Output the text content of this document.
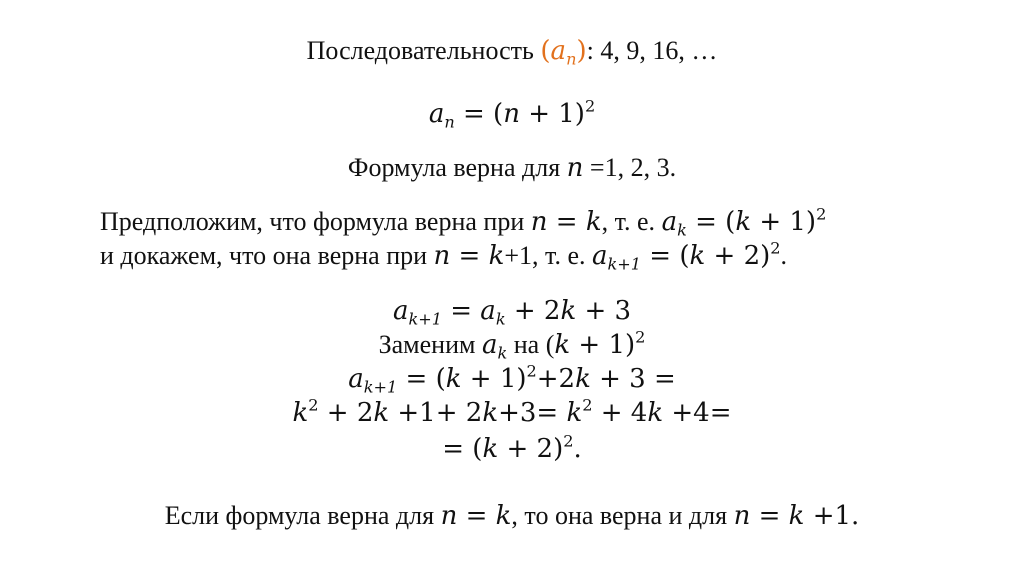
Последовательность $(a_n)$: 4, 9, 16, …
$a_n = (n + 1)^2$
Формула верна для n =1, 2, 3.
Предположим, что формула верна при n = k, т. е. $a_k = (k + 1)^2$
и докажем, что она верна при n = k+1, т. е. $a_{k+1} = (k + 2)^2$.
$a_{k+1} = a_k + 2k + 3$
Заменим $a_k$ на $(k + 1)^2$
$a_{k+1} = (k + 1)^2+2k + 3$ =
$k^2 + 2k +1+ 2k+3= k^2 + 4k +4=$
= $(k + 2)^2$.
Если формула верна для n = k, то она верна и для n = k +1.
